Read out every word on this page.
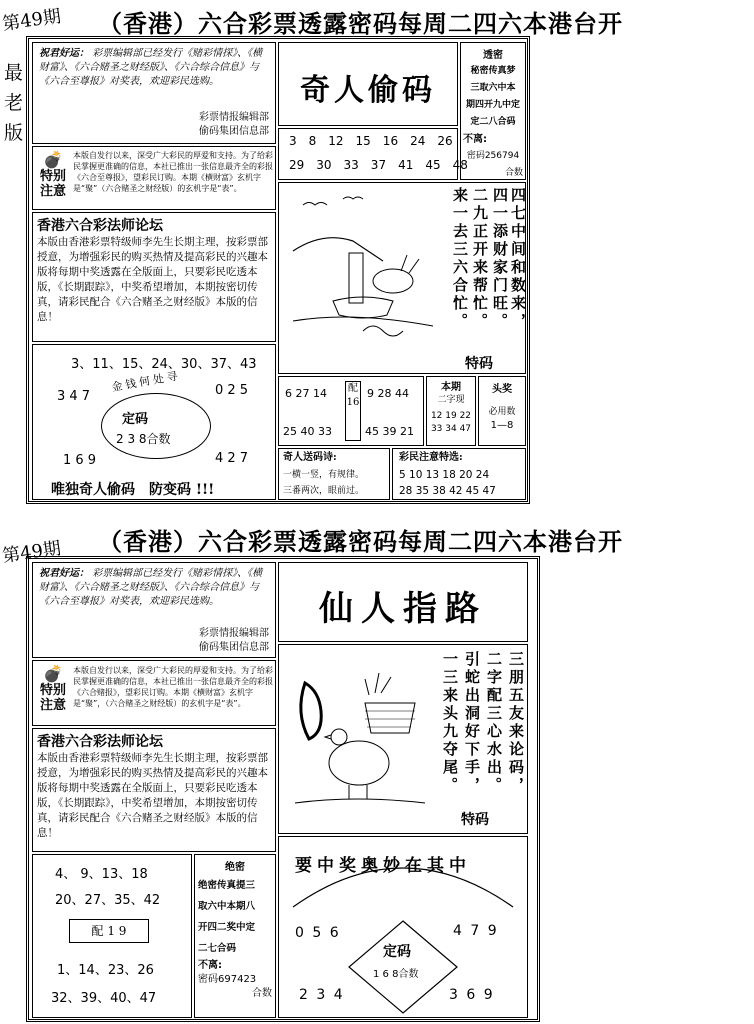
第49期 （香港）六合彩票透露密码每周二四六本港台开
最
老
版
祝君好运： 彩票编辑部已经发行《赌彩情探》、《横财富》、《六合赌圣之财经版》、《六合综合信息》与《六合至尊报》对奖表，欢迎彩民选购。
彩票情报编辑部
偷码集团信息部
💣
特别
注意
本版自发行以来，深受广大彩民的厚爱和支持。为了给彩民掌握更准确的信息，本社已推出一张信息最齐全的彩报《六合至尊报》，望彩民订购。本期《横财富》玄机字是“聚”（六合赌圣之财经版）的玄机字是“表”。
香港六合彩法师论坛
本版由香港彩票特级师李先生长期主理，按彩票部授意，为增强彩民的购买热情及提高彩民的兴趣本版将每期中奖透露在全版面上，只要彩民吃透本版，《长期跟踪》，中奖希望增加，本期按密切传真，请彩民配合《六合赌圣之财经版》本版的信息！
3、11、15、24、30、37、43
3 4 7	0 2 5
金钱何处寻
定码
2 3 8合数
1 6 9	4 2 7
唯独奇人偷码　防变码 !!!
奇人偷码
透密
秘密传真梦
三取六中本
期四开九中定
定二八合码
不离:
密码256794
合数
3　8　12　15　16　24　26
29　30　33　37　41　45　48
来一去三六合忙。 二九正开来帮忙。 四一添财家门旺。 四七中间和数来，
特码
6 27 14
25 40 33
配16
9 28 44
45 39 21
本期
二字现
12 19 22
33 34 47
头奖
必用数
1—8
奇人送码诗:
一横一竖，有规律。
三番两次，眼前过。
彩民注意特选:
5 10 13 18 20 24
28 35 38 42 45 47
第49期 （香港）六合彩票透露密码每周二四六本港台开
祝君好运： 彩票编辑部已经发行《赌彩情探》、《横财富》、《六合赌圣之财经版》、《六合综合信息》与《六合至尊报》对奖表，欢迎彩民选购。
彩票情报编辑部
偷码集团信息部
💣
特别
注意
本版自发行以来，深受广大彩民的厚爱和支持。为了给彩民掌握更准确的信息，本社已推出一张信息最齐全的彩报《六合赌报》，望彩民订购。本期《横财富》玄机字是“聚”，（六合赌圣之财经版）的玄机字是“表”。
香港六合彩法师论坛
本版由香港彩票特级师李先生长期主理，按彩票部授意，为增强彩民的购买热情及提高彩民的兴趣本版将每期中奖透露在全版面上，只要彩民吃透本版，《长期跟踪》，中奖希望增加，本期按密切传真，请彩民配合《六合赌圣之财经版》本版的信息！
4、 9、13、18
20、27、35、42
配 1 9
1、14、23、26
32、39、40、47
绝密
绝密传真提三
取六中本期八
开四二奖中定
二七合码
不离:
密码697423
合数
仙人指路
一三来头九夺尾。 引蛇出洞好下手， 二字配三心水出。 三朋五友来论码，
特码
要中奖奥妙在其中
0 5 6	4 7 9
定码
1 6 8合数
2 3 4	3 6 9
